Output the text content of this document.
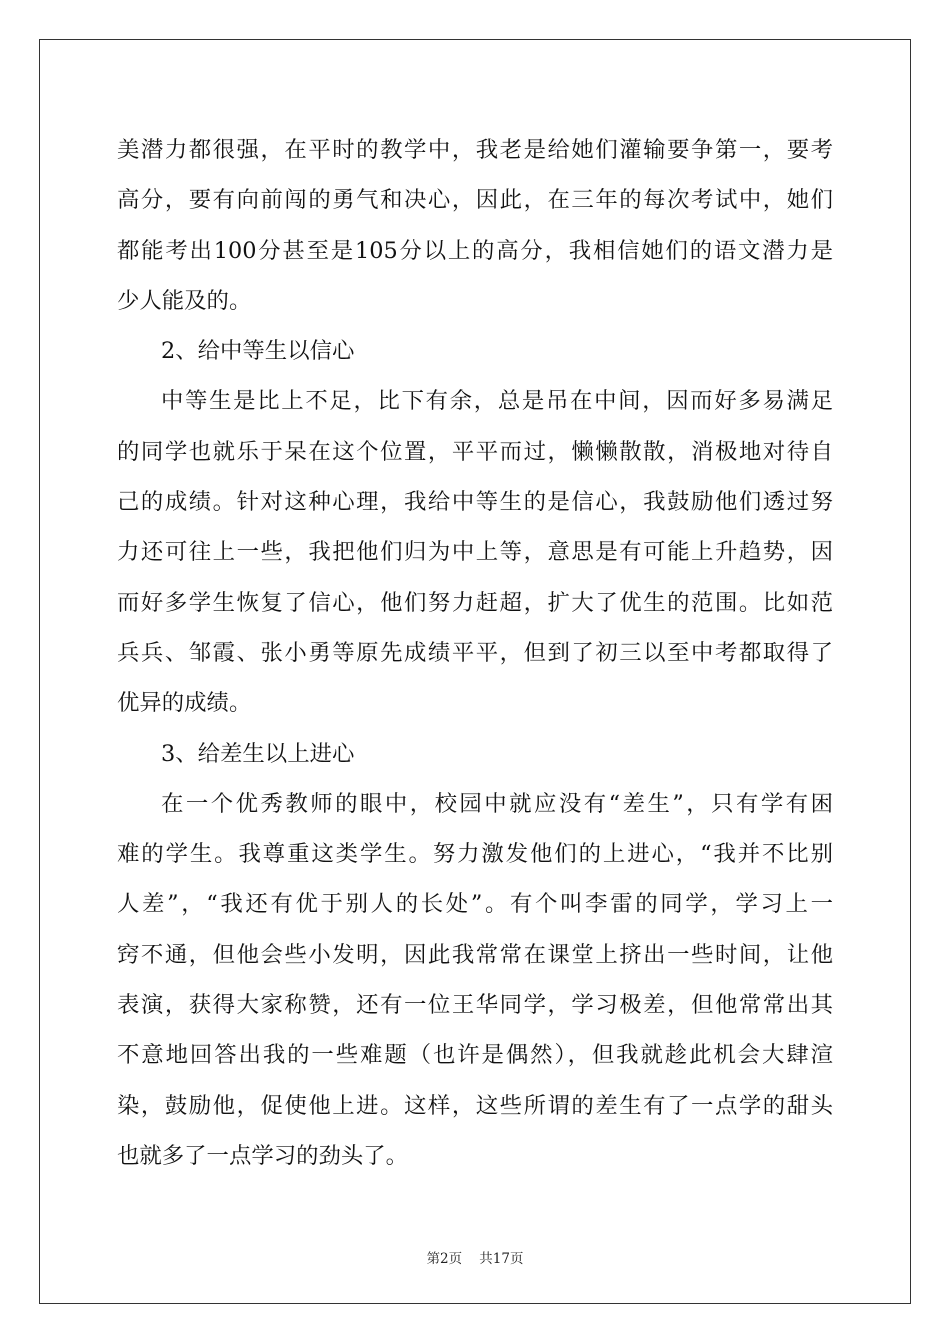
美潜力都很强，在平时的教学中，我老是给她们灌输要争第一，要考
高分，要有向前闯的勇气和决心，因此，在三年的每次考试中，她们
都能考出100分甚至是105分以上的高分，我相信她们的语文潜力是
少人能及的。
2、给中等生以信心
中等生是比上不足，比下有余，总是吊在中间，因而好多易满足
的同学也就乐于呆在这个位置，平平而过，懒懒散散，消极地对待自
己的成绩。针对这种心理，我给中等生的是信心，我鼓励他们透过努
力还可往上一些，我把他们归为中上等，意思是有可能上升趋势，因
而好多学生恢复了信心，他们努力赶超，扩大了优生的范围。比如范
兵兵、邹霞、张小勇等原先成绩平平，但到了初三以至中考都取得了
优异的成绩。
3、给差生以上进心
在一个优秀教师的眼中，校园中就应没有“差生”，只有学有困
难的学生。我尊重这类学生。努力激发他们的上进心，“我并不比别
人差”，“我还有优于别人的长处”。有个叫李雷的同学，学习上一
窍不通，但他会些小发明，因此我常常在课堂上挤出一些时间，让他
表演，获得大家称赞，还有一位王华同学，学习极差，但他常常出其
不意地回答出我的一些难题（也许是偶然），但我就趁此机会大肆渲
染，鼓励他，促使他上进。这样，这些所谓的差生有了一点学的甜头
也就多了一点学习的劲头了。
第2页 共17页
